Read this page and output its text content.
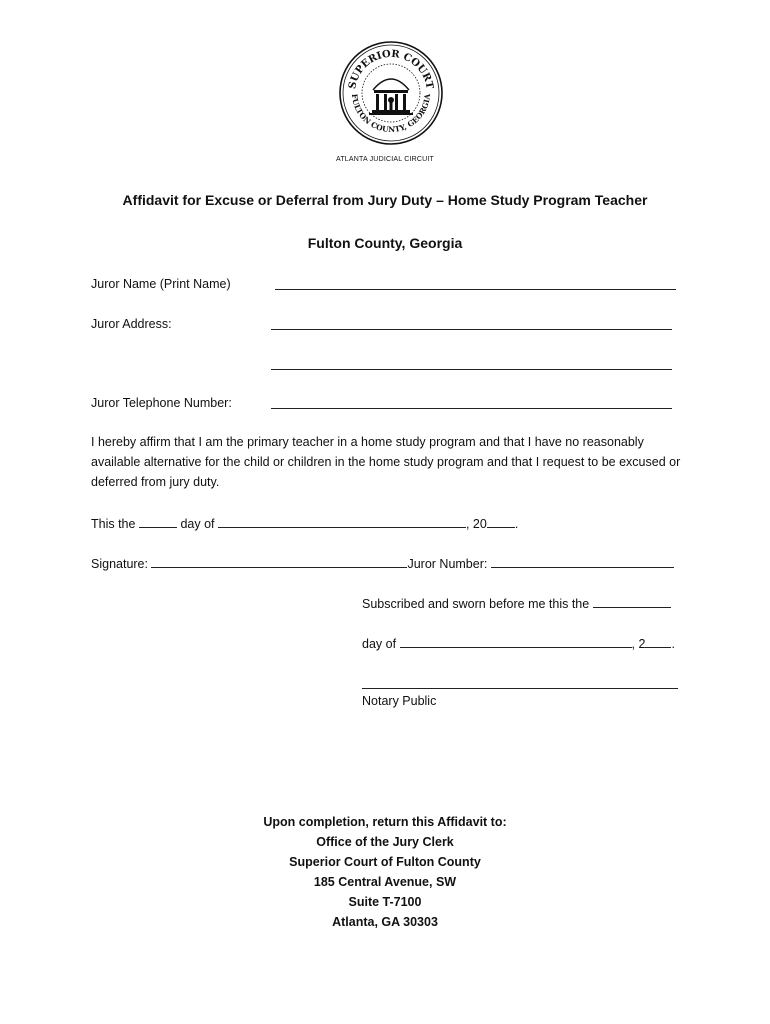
SUPERIOR COURT
FULTON COUNTY, GEORGIA
ATLANTA JUDICIAL CIRCUIT
Affidavit for Excuse or Deferral from Jury Duty – Home Study Program Teacher
Fulton County, Georgia
Juror Name (Print Name)
Juror Address:
Juror Telephone Number:
I hereby affirm that I am the primary teacher in a home study program and that I have no reasonably available alternative for the child or children in the home study program and that I request to be excused or deferred from jury duty.
This the	day of	, 20 .
Signature:	Juror Number:
Subscribed and sworn before me this the
day of	, 2 .
Notary Public
Upon completion, return this Affidavit to:
Office of the Jury Clerk
Superior Court of Fulton County
185 Central Avenue, SW
Suite T-7100
Atlanta, GA 30303
